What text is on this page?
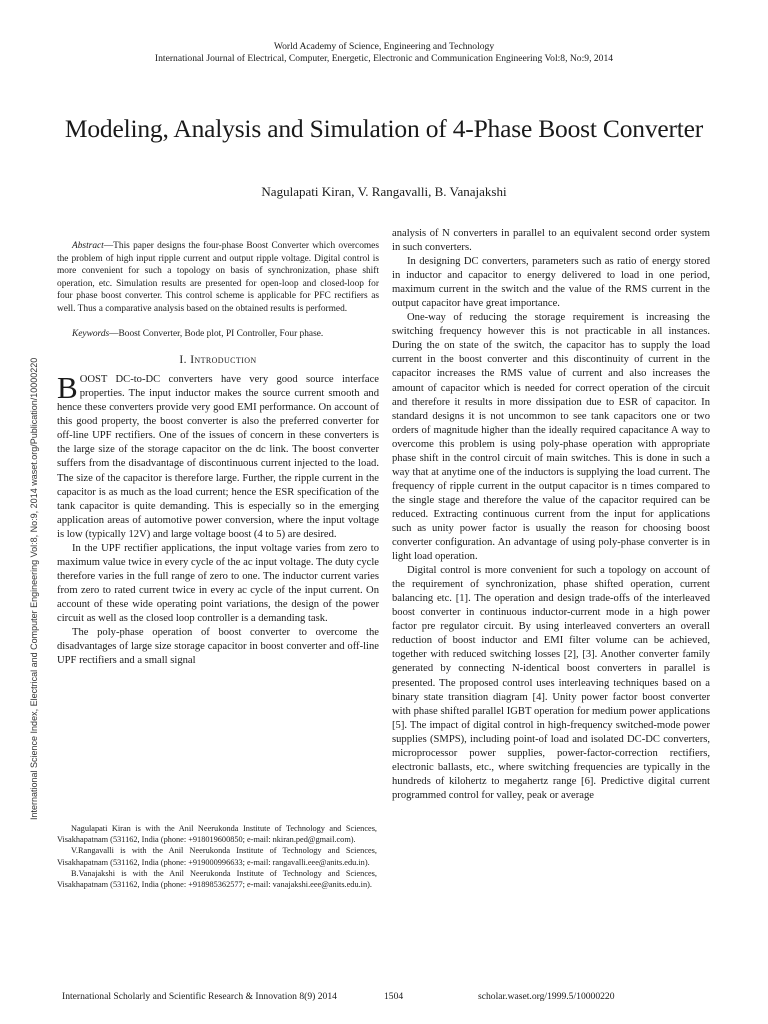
World Academy of Science, Engineering and Technology
International Journal of Electrical, Computer, Energetic, Electronic and Communication Engineering Vol:8, No:9, 2014
Modeling, Analysis and Simulation of 4-Phase Boost Converter
Nagulapati Kiran, V. Rangavalli, B. Vanajakshi
International Science Index, Electrical and Computer Engineering Vol:8, No:9, 2014 waset.org/Publication/10000220

Abstract—This paper designs the four-phase Boost Converter which overcomes the problem of high input ripple current and output ripple voltage. Digital control is more convenient for such a topology on basis of synchronization, phase shift operation, etc. Simulation results are presented for open-loop and closed-loop for four phase boost converter. This control scheme is applicable for PFC rectifiers as well. Thus a comparative analysis based on the obtained results is performed.

Keywords—Boost Converter, Bode plot, PI Controller, Four phase.

I. Introduction

BOOST DC-to-DC converters have very good source interface properties. The input inductor makes the source current smooth and hence these converters provide very good EMI performance. On account of this good property, the boost converter is also the preferred converter for off-line UPF rectifiers. One of the issues of concern in these converters is the large size of the storage capacitor on the dc link. The boost converter suffers from the disadvantage of discontinuous current injected to the load. The size of the capacitor is therefore large. Further, the ripple current in the capacitor is as much as the load current; hence the ESR specification of the tank capacitor is quite demanding. This is especially so in the emerging application areas of automotive power conversion, where the input voltage is low (typically 12V) and large voltage boost (4 to 5) are desired.

In the UPF rectifier applications, the input voltage varies from zero to maximum value twice in every cycle of the ac input voltage. The duty cycle therefore varies in the full range of zero to one. The inductor current varies from zero to rated current twice in every ac cycle of the input current. On account of these wide operating point variations, the design of the power circuit as well as the closed loop controller is a demanding task.

The poly-phase operation of boost converter to overcome the disadvantages of large size storage capacitor in boost converter and off-line UPF rectifiers and a small signal

Nagulapati Kiran is with the Anil Neerukonda Institute of Technology and Sciences, Visakhapatnam (531162, India (phone: +918019600850; e-mail: nkiran.ped@gmail.com).

V.Rangavalli is with the Anil Neerukonda Institute of Technology and Sciences, Visakhapatnam (531162, India (phone: +919000996633; e-mail: rangavalli.eee@anits.edu.in).

B.Vanajakshi is with the Anil Neerukonda Institute of Technology and Sciences, Visakhapatnam (531162, India (phone: +918985362577; e-mail: vanajakshi.eee@anits.edu.in).

analysis of N converters in parallel to an equivalent second order system in such converters.

In designing DC converters, parameters such as ratio of energy stored in inductor and capacitor to energy delivered to load in one period, maximum current in the switch and the value of the RMS current in the output capacitor have great importance.

One-way of reducing the storage requirement is increasing the switching frequency however this is not practicable in all instances. During the on state of the switch, the capacitor has to supply the load current in the boost converter and this discontinuity of current in the capacitor increases the RMS value of current and also increases the amount of capacitor which is needed for correct operation of the circuit and therefore it results in more dissipation due to ESR of capacitor. In standard designs it is not uncommon to see tank capacitors one or two orders of magnitude higher than the ideally required capacitance A way to overcome this problem is using poly-phase operation with appropriate phase shift in the control circuit of main switches. This is done in such a way that at anytime one of the inductors is supplying the load current. The frequency of ripple current in the output capacitor is n times compared to the single stage and therefore the value of the capacitor required can be reduced. Extracting continuous current from the input for applications such as unity power factor is usually the reason for choosing boost converter configuration. An advantage of using poly-phase converter is in light load operation.

Digital control is more convenient for such a topology on account of the requirement of synchronization, phase shifted operation, current balancing etc. [1]. The operation and design trade-offs of the interleaved boost converter in continuous inductor-current mode in a high power factor pre regulator circuit. By using interleaved converters an overall reduction of boost inductor and EMI filter volume can be achieved, together with reduced switching losses [2], [3]. Another converter family generated by connecting N-identical boost converters in parallel is presented. The proposed control uses interleaving techniques based on a binary state transition diagram [4]. Unity power factor boost converter with phase shifted parallel IGBT operation for medium power applications [5]. The impact of digital control in high-frequency switched-mode power supplies (SMPS), including point-of load and isolated DC-DC converters, microprocessor power supplies, power-factor-correction rectifiers, electronic ballasts, etc., where switching frequencies are typically in the hundreds of kilohertz to megahertz range [6]. Predictive digital current programmed control for valley, peak or average

International Scholarly and Scientific Research & Innovation 8(9) 2014	1504	scholar.waset.org/1999.5/10000220
